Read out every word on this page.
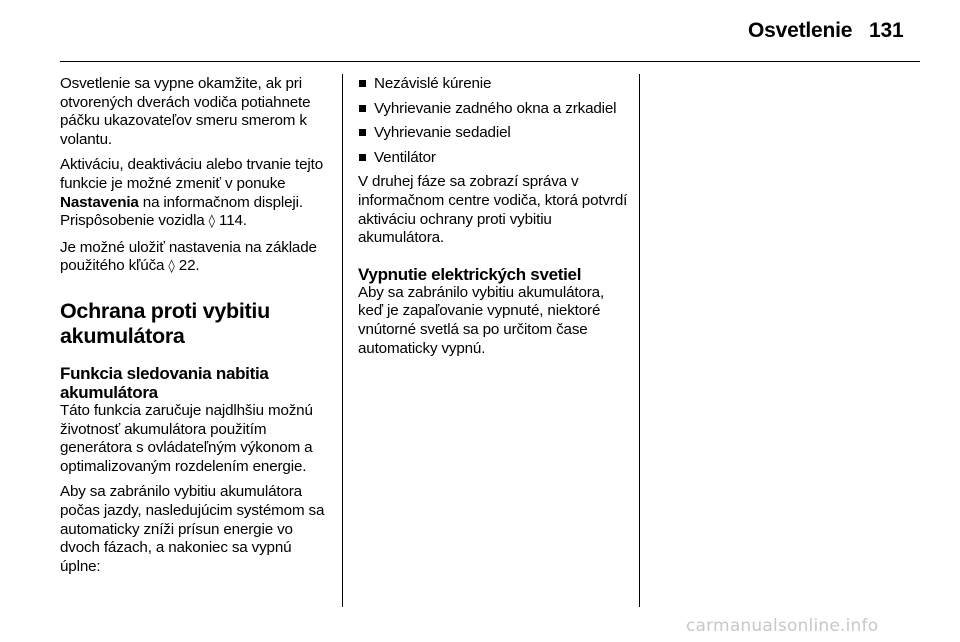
Osvetlenie 131

Osvetlenie sa vypne okamžite, ak pri otvorených dverách vodiča potiahnete páčku ukazovateľov smeru smerom k volantu.

Aktiváciu, deaktiváciu alebo trvanie tejto funkcie je možné zmeniť v ponuke Nastavenia na informačnom displeji. Prispôsobenie vozidla ◊ 114.

Je možné uložiť nastavenia na základe použitého kľúča ◊ 22.

Ochrana proti vybitiu akumulátora
Funkcia sledovania nabitia akumulátora

Táto funkcia zaručuje najdlhšiu možnú životnosť akumulátora použitím generátora s ovládateľným výkonom a optimalizovaným rozdelením energie.

Aby sa zabránilo vybitiu akumulátora počas jazdy, nasledujúcim systémom sa automaticky zníži prísun energie vo dvoch fázach, a nakoniec sa vypnú úplne:

Nezávislé kúrenie
Vyhrievanie zadného okna a zrkadiel
Vyhrievanie sedadiel
Ventilátor

V druhej fáze sa zobrazí správa v informačnom centre vodiča, ktorá potvrdí aktiváciu ochrany proti vybitiu akumulátora.

Vypnutie elektrických svetiel

Aby sa zabránilo vybitiu akumulátora, keď je zapaľovanie vypnuté, niektoré vnútorné svetlá sa po určitom čase automaticky vypnú.

carmanualsonline.info
